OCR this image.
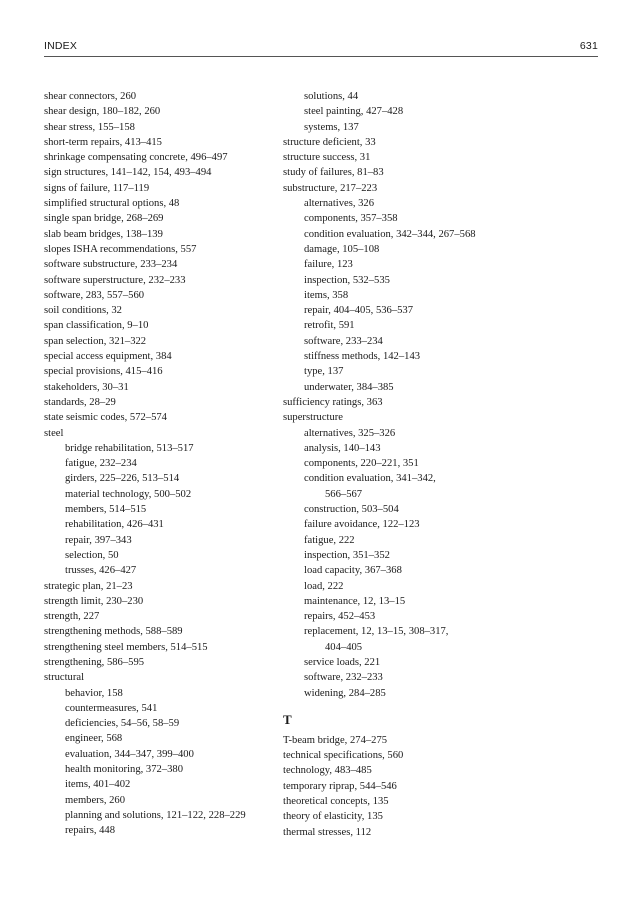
INDEX	631
shear connectors, 260
shear design, 180–182, 260
shear stress, 155–158
short-term repairs, 413–415
shrinkage compensating concrete, 496–497
sign structures, 141–142, 154, 493–494
signs of failure, 117–119
simplified structural options, 48
single span bridge, 268–269
slab beam bridges, 138–139
slopes ISHA recommendations, 557
software substructure, 233–234
software superstructure, 232–233
software, 283, 557–560
soil conditions, 32
span classification, 9–10
span selection, 321–322
special access equipment, 384
special provisions, 415–416
stakeholders, 30–31
standards, 28–29
state seismic codes, 572–574
steel
bridge rehabilitation, 513–517
fatigue, 232–234
girders, 225–226, 513–514
material technology, 500–502
members, 514–515
rehabilitation, 426–431
repair, 397–343
selection, 50
trusses, 426–427
strategic plan, 21–23
strength limit, 230–230
strength, 227
strengthening methods, 588–589
strengthening steel members, 514–515
strengthening, 586–595
structural
behavior, 158
countermeasures, 541
deficiencies, 54–56, 58–59
engineer, 568
evaluation, 344–347, 399–400
health monitoring, 372–380
items, 401–402
members, 260
planning and solutions, 121–122, 228–229
repairs, 448
solutions, 44
steel painting, 427–428
systems, 137
structure deficient, 33
structure success, 31
study of failures, 81–83
substructure, 217–223
alternatives, 326
components, 357–358
condition evaluation, 342–344, 267–568
damage, 105–108
failure, 123
inspection, 532–535
items, 358
repair, 404–405, 536–537
retrofit, 591
software, 233–234
stiffness methods, 142–143
type, 137
underwater, 384–385
sufficiency ratings, 363
superstructure
alternatives, 325–326
analysis, 140–143
components, 220–221, 351
condition evaluation, 341–342,
566–567
construction, 503–504
failure avoidance, 122–123
fatigue, 222
inspection, 351–352
load capacity, 367–368
load, 222
maintenance, 12, 13–15
repairs, 452–453
replacement, 12, 13–15, 308–317,
404–405
service loads, 221
software, 232–233
widening, 284–285
T
T-beam bridge, 274–275
technical specifications, 560
technology, 483–485
temporary riprap, 544–546
theoretical concepts, 135
theory of elasticity, 135
thermal stresses, 112
